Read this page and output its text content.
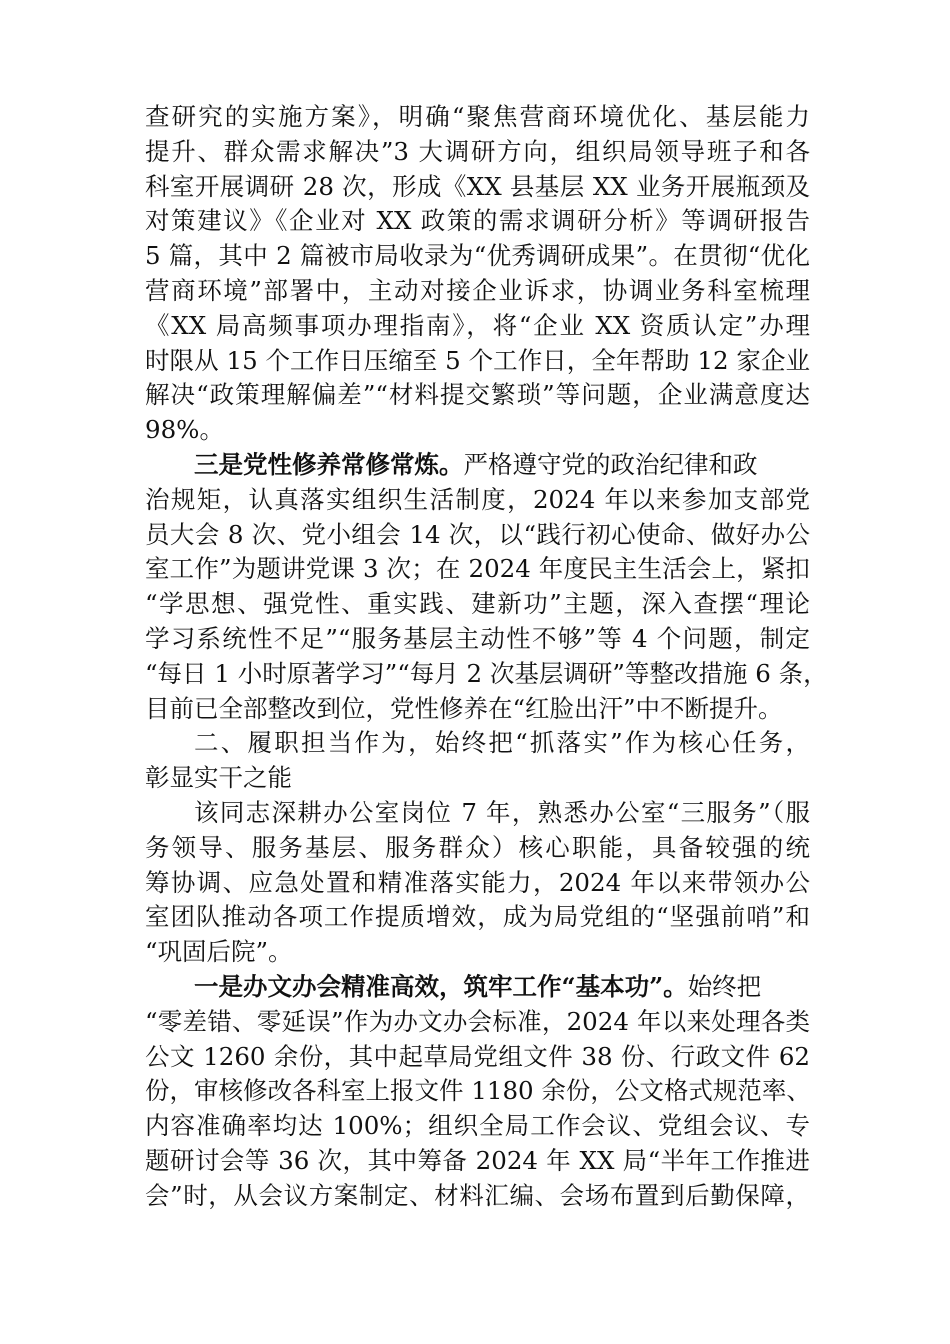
查研究的实施方案》，明确“聚焦营商环境优化、基层能力
提升、群众需求解决”3 大调研方向，组织局领导班子和各
科室开展调研 28 次，形成《XX 县基层 XX 业务开展瓶颈及
对策建议》《企业对 XX 政策的需求调研分析》等调研报告
5 篇，其中 2 篇被市局收录为“优秀调研成果”。在贯彻“优化
营商环境”部署中，主动对接企业诉求，协调业务科室梳理
《XX 局高频事项办理指南》，将“企业 XX 资质认定”办理
时限从 15 个工作日压缩至 5 个工作日，全年帮助 12 家企业
解决“政策理解偏差”“材料提交繁琐”等问题，企业满意度达
98%。
三是党性修养常修常炼。严格遵守党的政治纪律和政
治规矩，认真落实组织生活制度，2024 年以来参加支部党
员大会 8 次、党小组会 14 次，以“践行初心使命、做好办公
室工作”为题讲党课 3 次；在 2024 年度民主生活会上，紧扣
“学思想、强党性、重实践、建新功”主题，深入查摆“理论
学习系统性不足”“服务基层主动性不够”等 4 个问题，制定
“每日 1 小时原著学习”“每月 2 次基层调研”等整改措施 6 条，
目前已全部整改到位，党性修养在“红脸出汗”中不断提升。
二、履职担当作为，始终把“抓落实”作为核心任务，
彰显实干之能
该同志深耕办公室岗位 7 年，熟悉办公室“三服务”（服
务领导、服务基层、服务群众）核心职能，具备较强的统
筹协调、应急处置和精准落实能力，2024 年以来带领办公
室团队推动各项工作提质增效，成为局党组的“坚强前哨”和
“巩固后院”。
一是办文办会精准高效，筑牢工作“基本功”。始终把
“零差错、零延误”作为办文办会标准，2024 年以来处理各类
公文 1260 余份，其中起草局党组文件 38 份、行政文件 62
份，审核修改各科室上报文件 1180 余份，公文格式规范率、
内容准确率均达 100%；组织全局工作会议、党组会议、专
题研讨会等 36 次，其中筹备 2024 年 XX 局“半年工作推进
会”时，从会议方案制定、材料汇编、会场布置到后勤保障，
